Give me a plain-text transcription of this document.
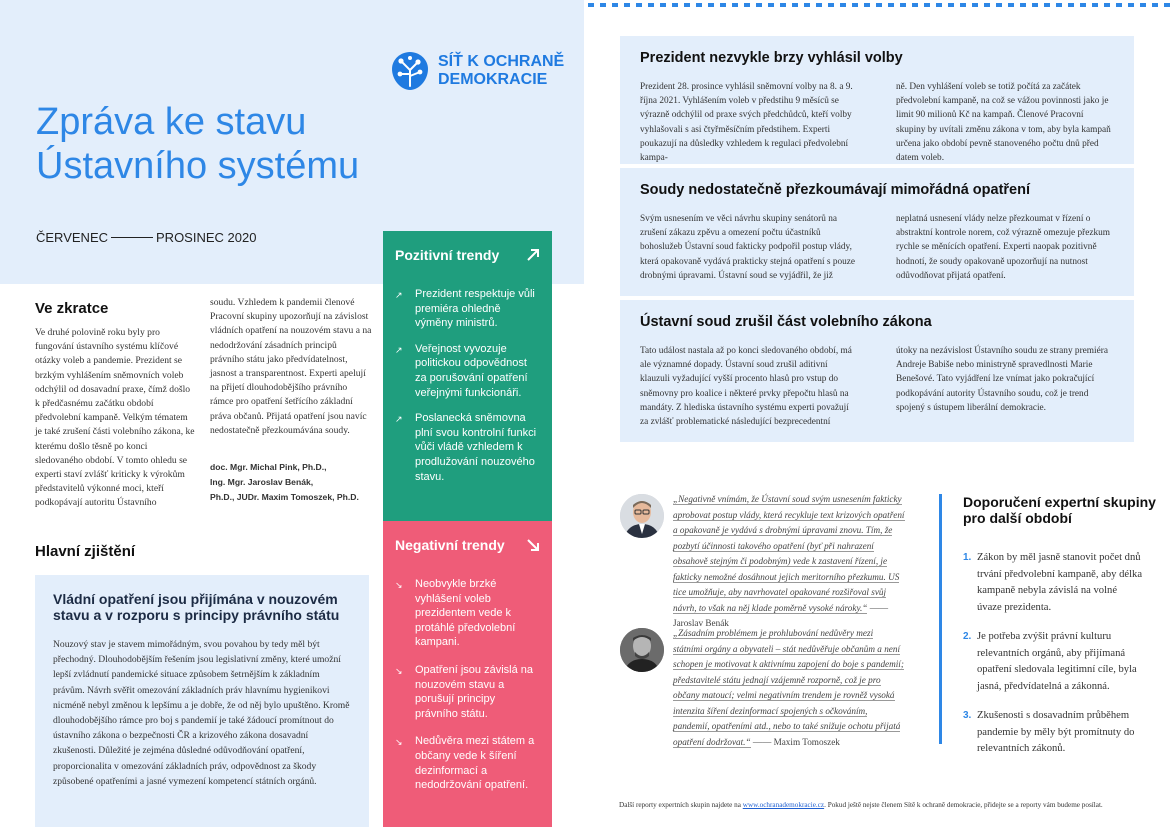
SÍŤ K OCHRANĚ
DEMOKRACIE
Zpráva ke stavu
Ústavního systému
ČERVENEC	PROSINEC 2020
Ve zkratce

Ve druhé polovině roku byly pro fungování ústavního systému klíčové otázky voleb a pandemie. Prezident se brzkým vyhlášením sněmovních voleb odchýlil od dosavadní praxe, čímž došlo k předčasnému začátku období předvolební kampaně. Velkým tématem je také zrušení části volebního zákona, ke kterému došlo těsně po konci sledovaného období. V tomto ohledu se experti staví zvlášť kriticky k výrokům představitelů výkonné moci, kteří podkopávají autoritu Ústavního

soudu. Vzhledem k pandemii členové Pracovní skupiny upozorňují na závislost vládních opatření na nouzovém stavu a na nedodržování zásadních principů právního státu jako předvídatelnost, jasnost a transparentnost. Experti apelují na přijetí dlouhodobějšího právního rámce pro opatření šetřícího základní práva občanů. Přijatá opatření jsou navíc nedostatečně přezkoumávána soudy.

doc. Mgr. Michal Pink, Ph.D.,
Ing. Mgr. Jaroslav Benák,
Ph.D., JUDr. Maxim Tomoszek, Ph.D.
Hlavní zjištění
Vládní opatření jsou přijímána v nouzovém stavu a v rozporu s principy právního státu

Nouzový stav je stavem mimořádným, svou povahou by tedy měl být přechodný. Dlouhodobějším řešením jsou legislativní změny, které umožní lepší zvládnutí pandemické situace způsobem šetrnějším k základním právům. Návrh svěřit omezování základních práv hlavnímu hygienikovi nicméně nebyl změnou k lepšímu a je dobře, že od něj bylo upuštěno. Kromě dlouhodobějšího rámce pro boj s pandemií je také žádoucí promítnout do ústavního zákona o bezpečnosti ČR a krizového zákona dosavadní zkušenosti. Důležité je zejména důsledné odůvodňování opatření, proporcionalita v omezování základních práv, odpovědnost za škody způsobené opatřeními a jasné vymezení kompetencí státních orgánů.

Pozitivní trendy
↗	Prezident respektuje vůli premiéra ohledně výměny ministrů.
↗	Veřejnost vyvozuje politickou odpovědnost za porušování opatření veřejnými funkcionáři.
↗	Poslanecká sněmovna plní svou kontrolní funkci vůči vládě vzhledem k prodlužování nouzového stavu.
Negativní trendy
↘	Neobvykle brzké vyhlášení voleb prezidentem vede k protáhlé předvolební kampani.
↘	Opatření jsou závislá na nouzovém stavu a porušují principy právního státu.
↘	Nedůvěra mezi státem a občany vede k šíření dezinformací a nedodržování opatření.
Prezident nezvykle brzy vyhlásil volby

Prezident 28. prosince vyhlásil sněmovní volby na 8. a 9. října 2021. Vyhlášením voleb v předstihu 9 měsíců se výrazně odchýlil od praxe svých předchůdců, kteří volby vyhlašovali s asi čtyřměsíčním předstihem. Experti poukazují na důsledky vzhledem k regulaci předvolební kampa-

ně. Den vyhlášení voleb se totiž počítá za začátek předvolební kampaně, na což se vážou povinnosti jako je limit 90 milionů Kč na kampaň. Členové Pracovní skupiny by uvítali změnu zákona v tom, aby byla kampaň určena jako období pevně stanoveného počtu dnů před datem voleb.

Soudy nedostatečně přezkoumávají mimořádná opatření

Svým usnesením ve věci návrhu skupiny senátorů na zrušení zákazu zpěvu a omezení počtu účastníků bohoslužeb Ústavní soud fakticky podpořil postup vlády, která opakovaně vydává prakticky stejná opatření s pouze drobnými úpravami. Ústavní soud se vyjádřil, že již

neplatná usnesení vlády nelze přezkoumat v řízení o abstraktní kontrole norem, což výrazně omezuje přezkum rychle se měnících opatření. Experti naopak pozitivně hodnotí, že soudy opakovaně upozorňují na nutnost odůvodňovat přijatá opatření.

Ústavní soud zrušil část volebního zákona

Tato událost nastala až po konci sledovaného období, má ale významné dopady. Ústavní soud zrušil aditivní klauzuli vyžadující vyšší procento hlasů pro vstup do sněmovny pro koalice i některé prvky přepočtu hlasů na mandáty. Z hlediska ústavního systému experti považují za zvlášť problematické následující bezprecedentní

útoky na nezávislost Ústavního soudu ze strany premiéra Andreje Babiše nebo ministryně spravedlnosti Marie Benešové. Tato vyjádření lze vnímat jako pokračující podkopávání autority Ústavního soudu, což je trend spojený s ústupem liberální demokracie.

„Negativně vnímám, že Ústavní soud svým usnesením fakticky aprobovat postup vlády, která recykluje text krizových opatření a opakovaně je vydává s drobnými úpravami znovu. Tím, že pozbytí účinnosti takového opatření (byť při nahrazení obsahově stejným či podobným) vede k zastavení řízení, je fakticky nemožné dosáhnout jejich meritorního přezkumu. US tice umožňuje, aby navrhovatel opakované rozšiřoval svůj návrh, to však na něj klade poměrně vysoké nároky.“ —— Jaroslav Benák

„Zásadním problémem je prohlubování nedůvěry mezi státními orgány a obyvateli – stát nedůvěřuje občanům a není schopen je motivovat k aktivnímu zapojení do boje s pandemií; představitelé státu jednají vzájemně rozporně, což je pro občany matoucí; velmi negativním trendem je rovněž vysoká intenzita šíření dezinformací spojených s očkováním, pandemií, opatřeními atd., nebo to také snižuje ochotu přijatá opatření dodržovat.“ —— Maxim Tomoszek

Doporučení expertní skupiny pro další období
1. Zákon by měl jasně stanovit počet dnů trvání předvolební kampaně, aby délka kampaně nebyla závislá na volné úvaze prezidenta.
2. Je potřeba zvýšit právní kulturu relevantních orgánů, aby přijímaná opatření sledovala legitimní cíle, byla jasná, předvídatelná a zákonná.
3. Zkušenosti s dosavadním průběhem pandemie by měly být promítnuty do relevantních zákonů.

Další reporty expertních skupin najdete na www.ochranademokracie.cz. Pokud ještě nejste členem Sítě k ochraně demokracie, přidejte se a reporty vám budeme posílat.
